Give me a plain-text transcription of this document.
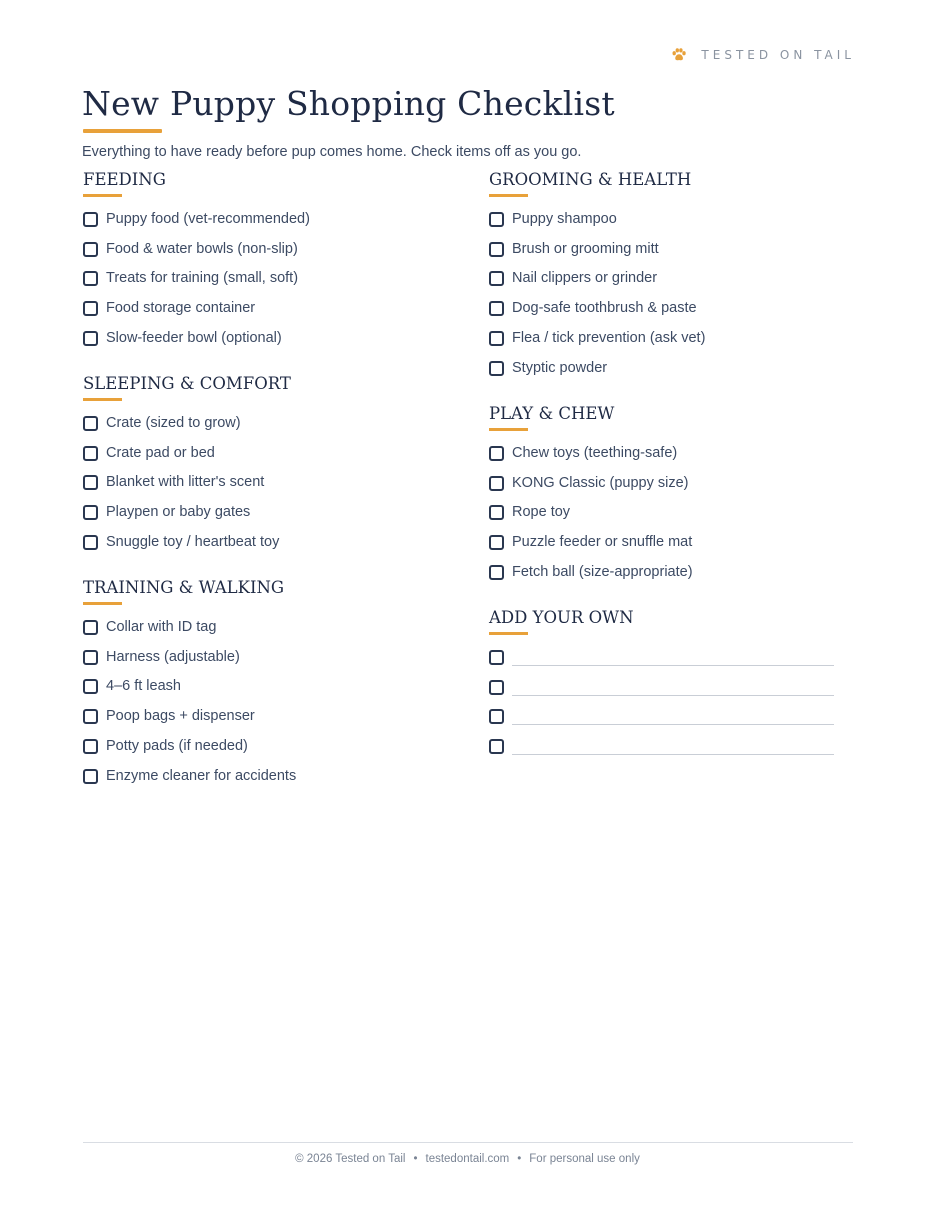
TESTED ON TAIL
New Puppy Shopping Checklist

Everything to have ready before pup comes home. Check items off as you go.

FEEDING
Puppy food (vet-recommended)
Food & water bowls (non-slip)
Treats for training (small, soft)
Food storage container
Slow-feeder bowl (optional)
SLEEPING & COMFORT
Crate (sized to grow)
Crate pad or bed
Blanket with litter's scent
Playpen or baby gates
Snuggle toy / heartbeat toy
TRAINING & WALKING
Collar with ID tag
Harness (adjustable)
4–6 ft leash
Poop bags + dispenser
Potty pads (if needed)
Enzyme cleaner for accidents
GROOMING & HEALTH
Puppy shampoo
Brush or grooming mitt
Nail clippers or grinder
Dog-safe toothbrush & paste
Flea / tick prevention (ask vet)
Styptic powder
PLAY & CHEW
Chew toys (teething-safe)
KONG Classic (puppy size)
Rope toy
Puzzle feeder or snuffle mat
Fetch ball (size-appropriate)
ADD YOUR OWN
© 2026 Tested on Tail • testedontail.com • For personal use only
